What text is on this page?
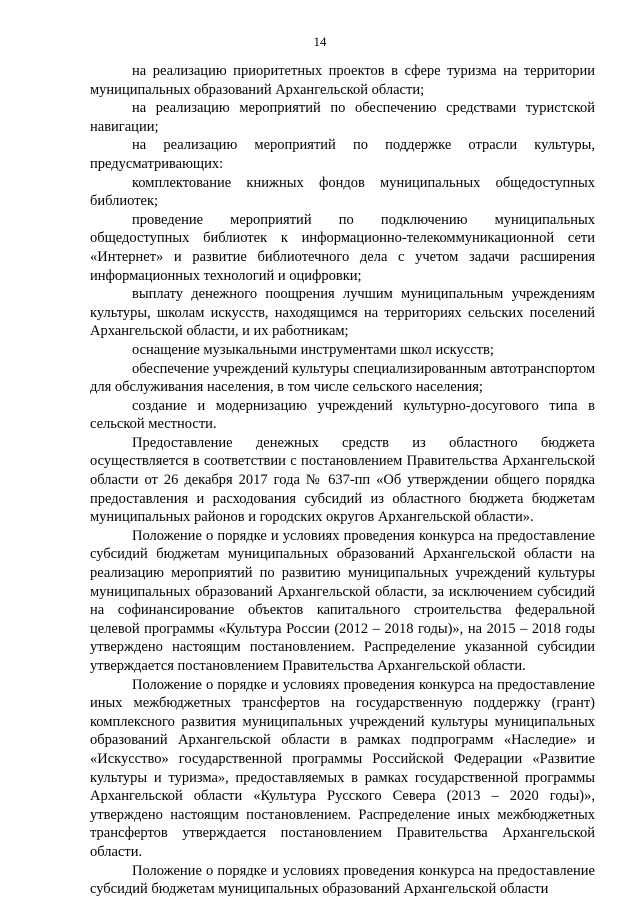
14

на реализацию приоритетных проектов в сфере туризма на территории муниципальных образований Архангельской области;

на реализацию мероприятий по обеспечению средствами туристской навигации;

на реализацию мероприятий по поддержке отрасли культуры, предусматривающих:

комплектование книжных фондов муниципальных общедоступных библиотек;

проведение мероприятий по подключению муниципальных общедоступных библиотек к информационно-телекоммуникационной сети «Интернет» и развитие библиотечного дела с учетом задачи расширения информационных технологий и оцифровки;

выплату денежного поощрения лучшим муниципальным учреждениям культуры, школам искусств, находящимся на территориях сельских поселений Архангельской области, и их работникам;

оснащение музыкальными инструментами школ искусств;

обеспечение учреждений культуры специализированным автотранспортом для обслуживания населения, в том числе сельского населения;

создание и модернизацию учреждений культурно-досугового типа в сельской местности.

Предоставление денежных средств из областного бюджета осуществляется в соответствии с постановлением Правительства Архангельской области от 26 декабря 2017 года № 637-пп «Об утверждении общего порядка предоставления и расходования субсидий из областного бюджета бюджетам муниципальных районов и городских округов Архангельской области».

Положение о порядке и условиях проведения конкурса на предоставление субсидий бюджетам муниципальных образований Архангельской области на реализацию мероприятий по развитию муниципальных учреждений культуры муниципальных образований Архангельской области, за исключением субсидий на софинансирование объектов капитального строительства федеральной целевой программы «Культура России (2012 – 2018 годы)», на 2015 – 2018 годы утверждено настоящим постановлением. Распределение указанной субсидии утверждается постановлением Правительства Архангельской области.

Положение о порядке и условиях проведения конкурса на предоставление иных межбюджетных трансфертов на государственную поддержку (грант) комплексного развития муниципальных учреждений культуры муниципальных образований Архангельской области в рамках подпрограмм «Наследие» и «Искусство» государственной программы Российской Федерации «Развитие культуры и туризма», предоставляемых в рамках государственной программы Архангельской области «Культура Русского Севера (2013 – 2020 годы)», утверждено настоящим постановлением. Распределение иных межбюджетных трансфертов утверждается постановлением Правительства Архангельской области.

Положение о порядке и условиях проведения конкурса на предоставление субсидий бюджетам муниципальных образований Архангельской области
